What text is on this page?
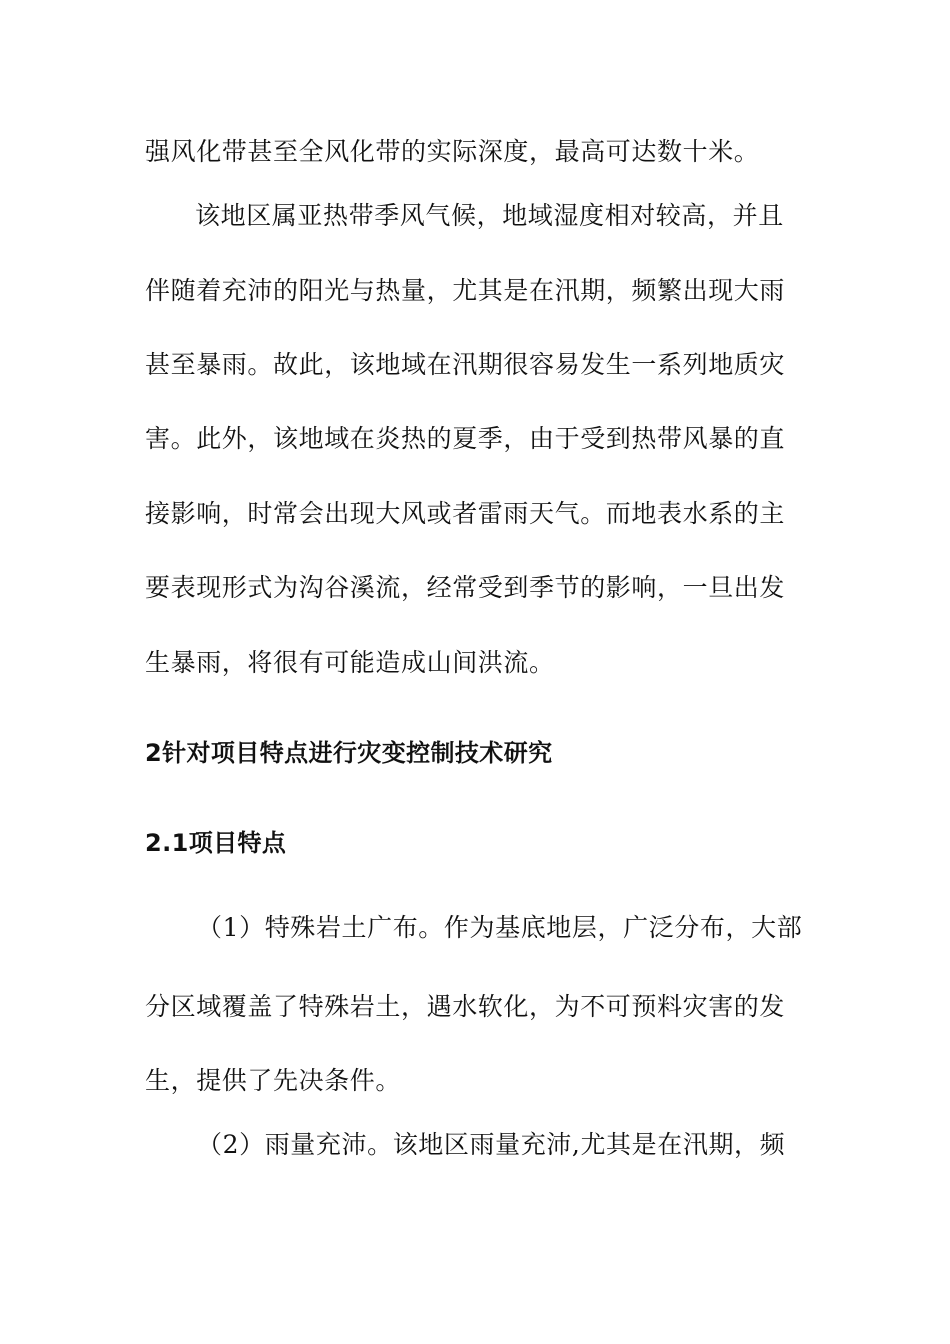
强风化带甚至全风化带的实际深度，最高可达数十米。
该地区属亚热带季风气候，地域湿度相对较高，并且
伴随着充沛的阳光与热量，尤其是在汛期，频繁出现大雨
甚至暴雨。故此，该地域在汛期很容易发生一系列地质灾
害。此外，该地域在炎热的夏季，由于受到热带风暴的直
接影响，时常会出现大风或者雷雨天气。而地表水系的主
要表现形式为沟谷溪流，经常受到季节的影响，一旦出发
生暴雨，将很有可能造成山间洪流。
2针对项目特点进行灾变控制技术研究
2.1项目特点
（1）特殊岩土广布。作为基底地层，广泛分布，大部
分区域覆盖了特殊岩土，遇水软化，为不可预料灾害的发
生，提供了先决条件。
（2）雨量充沛。该地区雨量充沛,尤其是在汛期，频
